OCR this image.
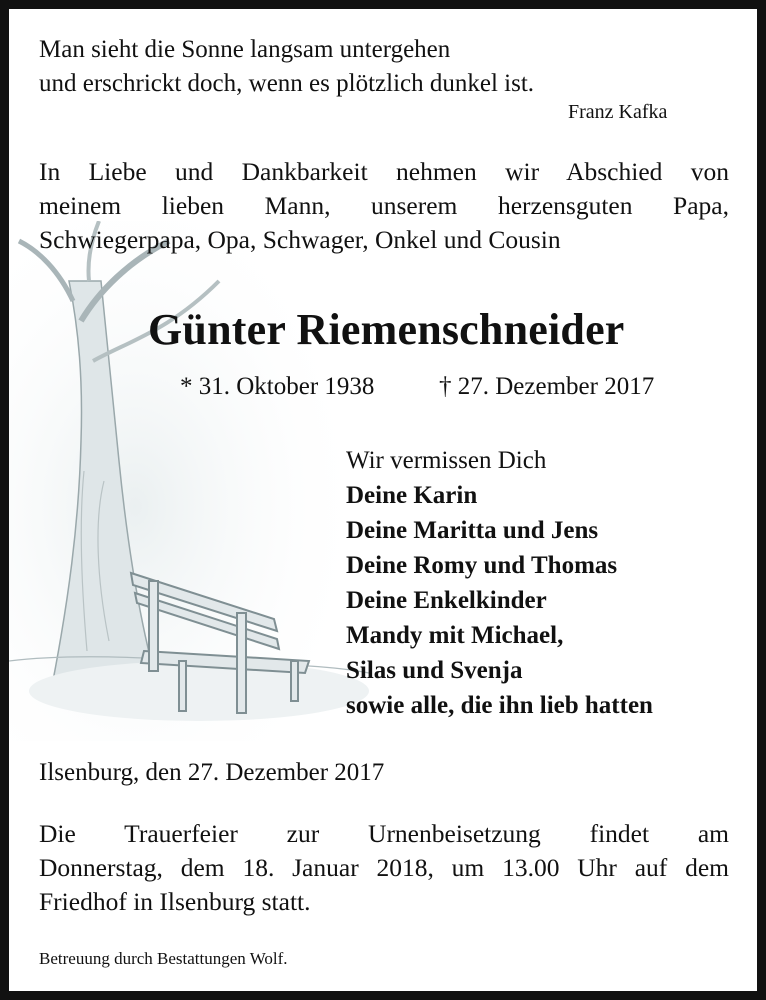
Man sieht die Sonne langsam untergehen
und erschrickt doch, wenn es plötzlich dunkel ist.
Franz Kafka
In Liebe und Dankbarkeit nehmen wir Abschied von
meinem lieben Mann, unserem herzensguten Papa,
Schwiegerpapa, Opa, Schwager, Onkel und Cousin
Günter Riemenschneider
* 31. Oktober 1938	† 27. Dezember 2017
Wir vermissen Dich
Deine Karin
Deine Maritta und Jens
Deine Romy und Thomas
Deine Enkelkinder
Mandy mit Michael,
Silas und Svenja
sowie alle, die ihn lieb hatten
Ilsenburg, den 27. Dezember 2017
Die Trauerfeier zur Urnenbeisetzung findet am
Donnerstag, dem 18. Januar 2018, um 13.00 Uhr auf dem
Friedhof in Ilsenburg statt.
Betreuung durch Bestattungen Wolf.
